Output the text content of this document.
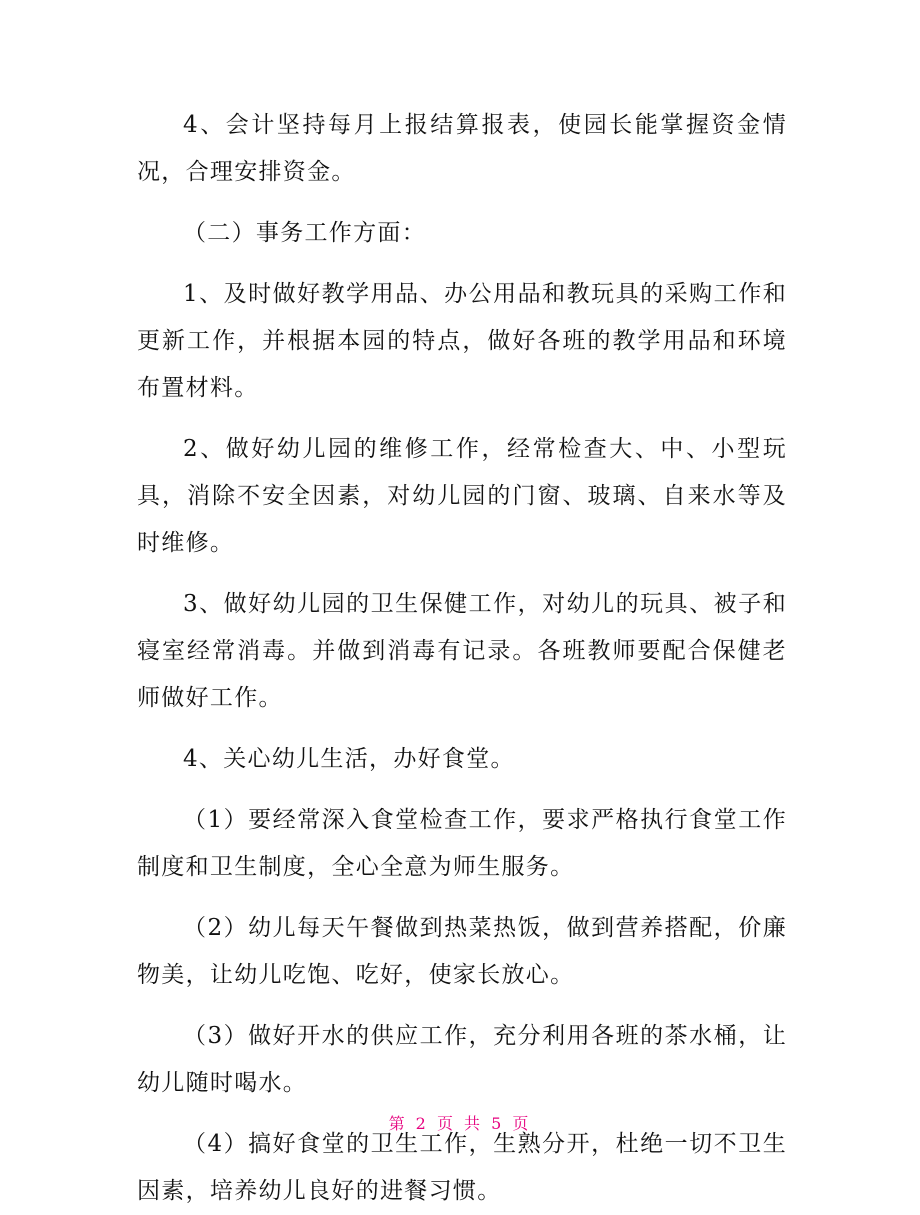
4、会计坚持每月上报结算报表，使园长能掌握资金情况，合理安排资金。

（二）事务工作方面：

1、及时做好教学用品、办公用品和教玩具的采购工作和更新工作，并根据本园的特点，做好各班的教学用品和环境布置材料。

2、做好幼儿园的维修工作，经常检查大、中、小型玩具，消除不安全因素，对幼儿园的门窗、玻璃、自来水等及时维修。

3、做好幼儿园的卫生保健工作，对幼儿的玩具、被子和寝室经常消毒。并做到消毒有记录。各班教师要配合保健老师做好工作。

4、关心幼儿生活，办好食堂。

（1）要经常深入食堂检查工作，要求严格执行食堂工作制度和卫生制度，全心全意为师生服务。

（2）幼儿每天午餐做到热菜热饭，做到营养搭配，价廉物美，让幼儿吃饱、吃好，使家长放心。

（3）做好开水的供应工作，充分利用各班的茶水桶，让幼儿随时喝水。

（4）搞好食堂的卫生工作，生熟分开，杜绝一切不卫生因素，培养幼儿良好的进餐习惯。

第 2 页 共 5 页
